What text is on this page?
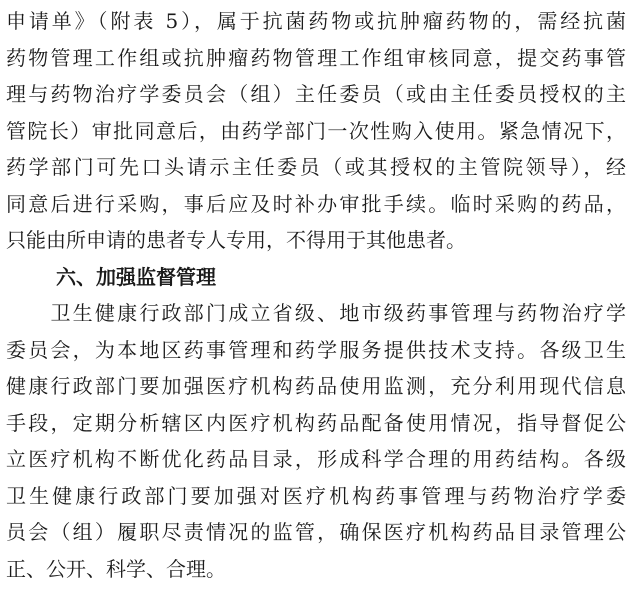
申请单》（附表 5），属于抗菌药物或抗肿瘤药物的，需经抗菌
药物管理工作组或抗肿瘤药物管理工作组审核同意，提交药事管
理与药物治疗学委员会（组）主任委员（或由主任委员授权的主
管院长）审批同意后，由药学部门一次性购入使用。紧急情况下，
药学部门可先口头请示主任委员（或其授权的主管院领导），经
同意后进行采购，事后应及时补办审批手续。临时采购的药品，
只能由所申请的患者专人专用，不得用于其他患者。
六、加强监督管理
　　卫生健康行政部门成立省级、地市级药事管理与药物治疗学
委员会，为本地区药事管理和药学服务提供技术支持。各级卫生
健康行政部门要加强医疗机构药品使用监测，充分利用现代信息
手段，定期分析辖区内医疗机构药品配备使用情况，指导督促公
立医疗机构不断优化药品目录，形成科学合理的用药结构。各级
卫生健康行政部门要加强对医疗机构药事管理与药物治疗学委
员会（组）履职尽责情况的监管，确保医疗机构药品目录管理公
正、公开、科学、合理。
